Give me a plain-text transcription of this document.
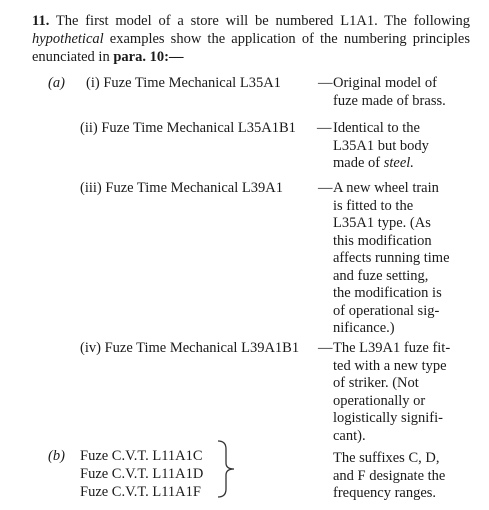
11. The first model of a store will be numbered L1A1. The following hypothetical examples show the application of the numbering principles enunciated in para. 10:—
(a) (i) Fuze Time Mechanical L35A1	— Original model of
fuze made of brass.
(ii) Fuze Time Mechanical L35A1B1 — Identical to the
L35A1 but body
made of steel.
(iii) Fuze Time Mechanical L39A1 — A new wheel train
is fitted to the
L35A1 type. (As
this modification
affects running time
and fuze setting,
the modification is
of operational sig-
nificance.)
(iv) Fuze Time Mechanical L39A1B1 — The L39A1 fuze fit-
ted with a new type
of striker. (Not
operationally or
logistically signifi-
cant).
(b) Fuze C.V.T. L11A1C
Fuze C.V.T. L11A1D
Fuze C.V.T. L11A1F
The suffixes C, D,
and F designate the
frequency ranges.
